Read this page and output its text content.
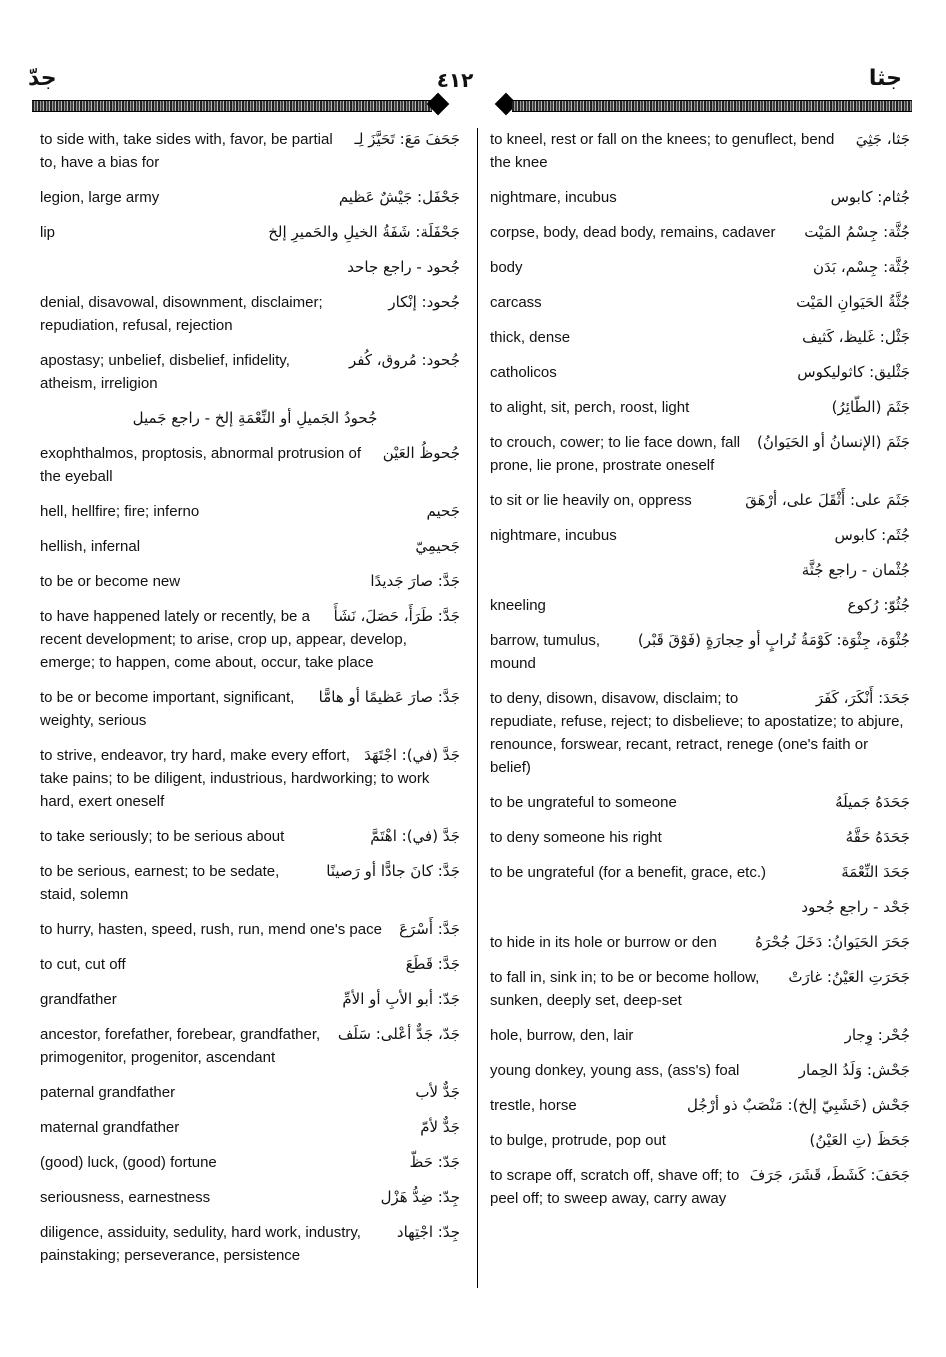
جدّ	٤١٢	جثا
جَحَفَ مَعَ: تَحَيَّزَ لِـ
to side with, take sides with, favor, be partial to, have a bias for
جَحْفَل: جَيْشٌ عَظيم
legion, large army
جَحْفَلَة: شَفَةُ الخيلِ والحَميرِ إلخ
lip
جُحود - راجع جاحد
جُحود: إنْكار
denial, disavowal, disownment, disclaimer; repudiation, refusal, rejection
جُحود: مُروق، كُفر
apostasy; unbelief, disbelief, infidelity, atheism, irreligion
جُحودُ الجَميلِ أو النِّعْمَةِ إلخ - راجع جَميل
جُحوظُ العَيْن
exophthalmos, proptosis, abnormal protrusion of the eyeball
جَحيم
hell, hellfire; fire; inferno
جَحيمِيّ
hellish, infernal
جَدَّ: صارَ جَديدًا
to be or become new
جَدَّ: طَرَأَ، حَصَلَ، نَشَأَ
to have happened lately or recently, be a recent development; to arise, crop up, appear, develop, emerge; to happen, come about, occur, take place
جَدَّ: صارَ عَظيمًا أو هامًّا
to be or become important, significant, weighty, serious
جَدَّ (في): اجْتَهَدَ
to strive, endeavor, try hard, make every effort, take pains; to be diligent, industrious, hardworking; to work hard, exert oneself
جَدَّ (في): اهْتَمَّ
to take seriously; to be serious about
جَدَّ: كانَ جادًّا أو رَصينًا
to be serious, earnest; to be sedate, staid, solemn
جَدَّ: أَسْرَعَ
to hurry, hasten, speed, rush, run, mend one's pace
جَدَّ: قَطَعَ
to cut, cut off
جَدّ: أبو الأبِ أو الأمِّ
grandfather
جَدّ، جَدٌّ أعْلى: سَلَف
ancestor, forefather, forebear, grandfather, primogenitor, progenitor, ascendant
جَدٌّ لأب
paternal grandfather
جَدٌّ لأمّ
maternal grandfather
جَدّ: حَظّ
(good) luck, (good) fortune
جِدّ: ضِدُّ هَزْل
seriousness, earnestness
جِدّ: اجْتِهاد
diligence, assiduity, sedulity, hard work, industry, painstaking; perseverance, persistence
جَثا، جَثِيَ
to kneel, rest or fall on the knees; to genuflect, bend the knee
جُثام: كابوس
nightmare, incubus
جُثَّة: جِسْمُ المَيْت
corpse, body, dead body, remains, cadaver
جُثَّة: جِسْم، بَدَن
body
جُثَّةُ الحَيَوانِ المَيْت
carcass
جَثْل: غَليظ، كَثيف
thick, dense
جَثْليق: كاثوليكوس
catholicos
جَثَمَ (الطّائِرُ)
to alight, sit, perch, roost, light
جَثَمَ (الإنسانُ أو الحَيَوانُ)
to crouch, cower; to lie face down, fall prone, lie prone, prostrate oneself
جَثَمَ على: أَثْقَلَ على، أرْهَقَ
to sit or lie heavily on, oppress
جُثَم: كابوس
nightmare, incubus
جُثْمان - راجع جُثَّة
جُثُوّ: رُكوع
kneeling
جُثْوَة، جِثْوَة: كَوْمَةُ تُرابٍ أو حِجارَةٍ (فَوْقَ قَبْر)
barrow, tumulus, mound
جَحَدَ: أَنْكَرَ، كَفَرَ
to deny, disown, disavow, disclaim; to repudiate, refuse, reject; to disbelieve; to apostatize; to abjure, renounce, forswear, recant, retract, renege (one's faith or belief)
جَحَدَهُ جَميلَهُ
to be ungrateful to someone
جَحَدَهُ حَقَّهُ
to deny someone his right
جَحَدَ النِّعْمَةَ
to be ungrateful (for a benefit, grace, etc.)
جَحْد - راجع جُحود
جَحَرَ الحَيَوانُ: دَخَلَ جُحْرَهُ
to hide in its hole or burrow or den
جَحَرَتِ العَيْنُ: غارَتْ
to fall in, sink in; to be or become hollow, sunken, deeply set, deep-set
جُحْر: وِجار
hole, burrow, den, lair
جَحْش: وَلَدُ الحِمار
young donkey, young ass, (ass's) foal
جَحْش (خَشَبِيّ إلخ): مَنْصَبٌ ذو أرْجُل
trestle, horse
جَحَظَ (تِ العَيْنُ)
to bulge, protrude, pop out
جَحَفَ: كَشَطَ، قَشَرَ، جَرَفَ
to scrape off, scratch off, shave off; to peel off; to sweep away, carry away
